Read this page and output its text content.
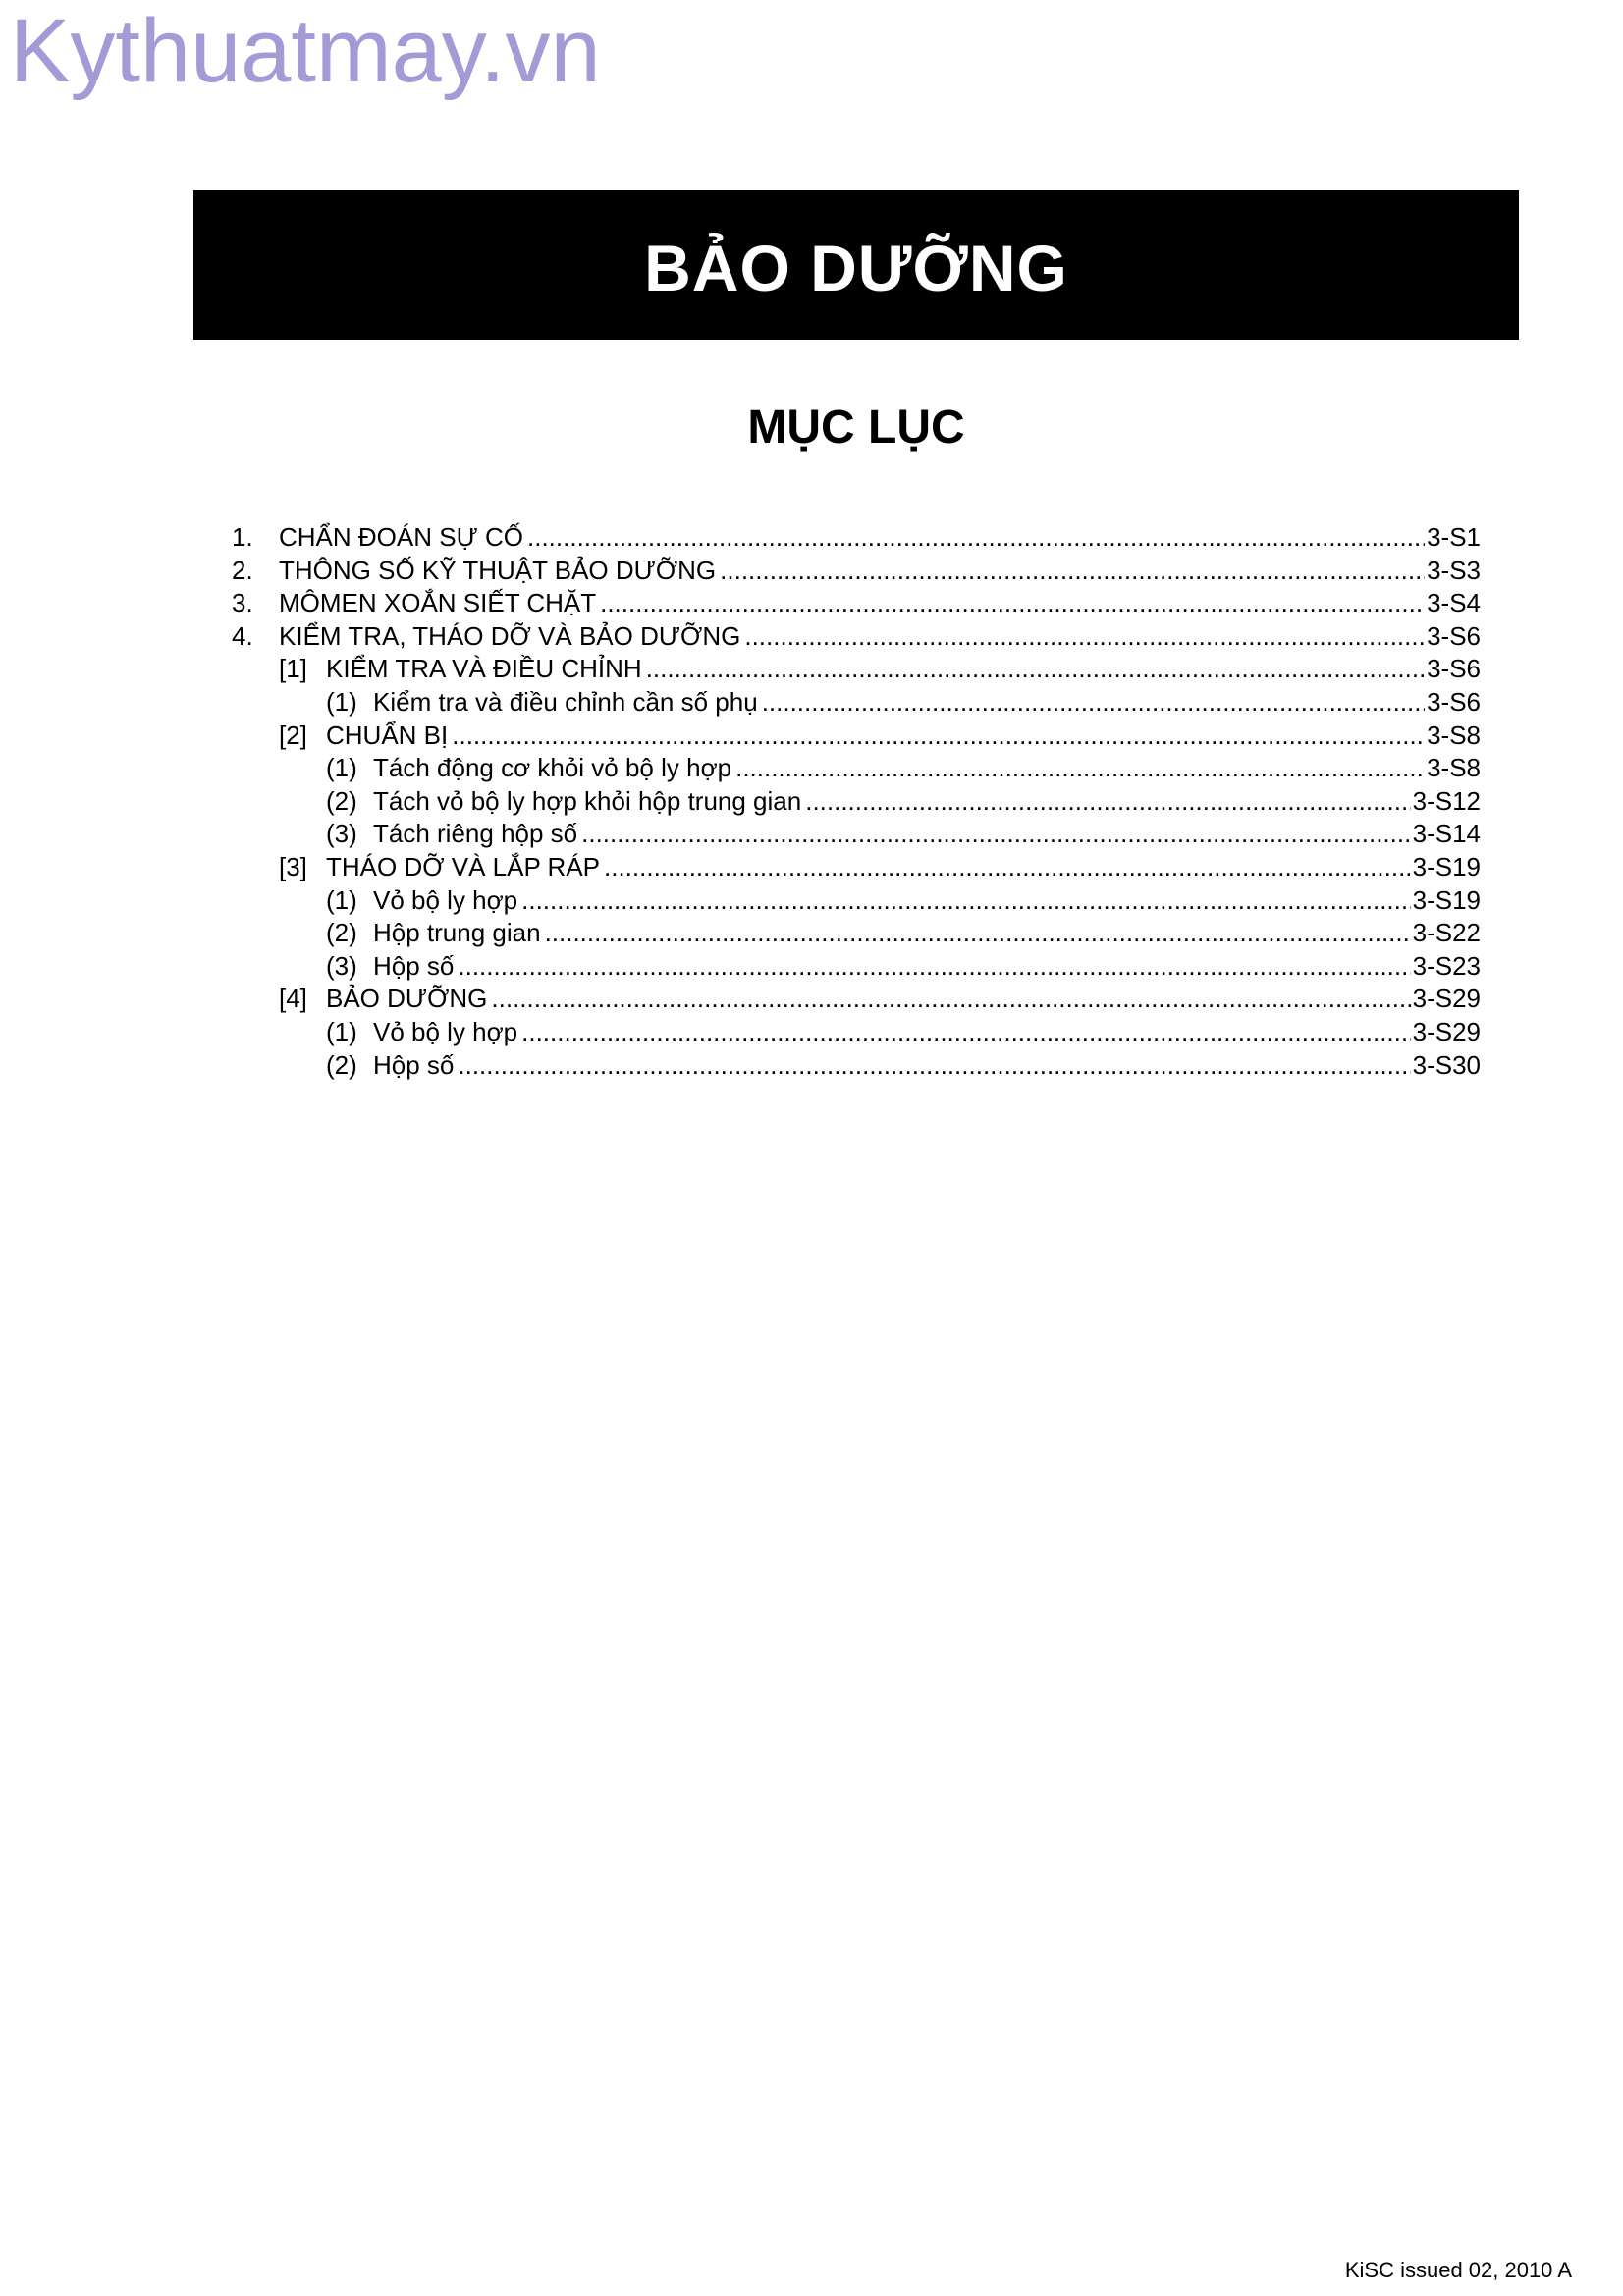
Kythuatmay.vn
BẢO DƯỠNG
MỤC LỤC
1.	CHẨN ĐOÁN SỰ CỐ .....	3-S1
2.	THÔNG SỐ KỸ THUẬT BẢO DƯỠNG .....	3-S3
3.	MÔMEN XOẮN SIẾT CHẶT .....	3-S4
4.	KIỂM TRA, THÁO DỠ VÀ BẢO DƯỠNG .....	3-S6
[1] KIỂM TRA VÀ ĐIỀU CHỈNH .....	3-S6
(1) Kiểm tra và điều chỉnh cần số phụ .....	3-S6
[2] CHUẨN BỊ .....	3-S8
(1) Tách động cơ khỏi vỏ bộ ly hợp .....	3-S8
(2) Tách vỏ bộ ly hợp khỏi hộp trung gian .....	3-S12
(3) Tách riêng hộp số .....	3-S14
[3] THÁO DỠ VÀ LẮP RÁP .....	3-S19
(1) Vỏ bộ ly hợp .....	3-S19
(2) Hộp trung gian .....	3-S22
(3) Hộp số .....	3-S23
[4] BẢO DƯỠNG .....	3-S29
(1) Vỏ bộ ly hợp .....	3-S29
(2) Hộp số .....	3-S30
KiSC issued 02, 2010 A
